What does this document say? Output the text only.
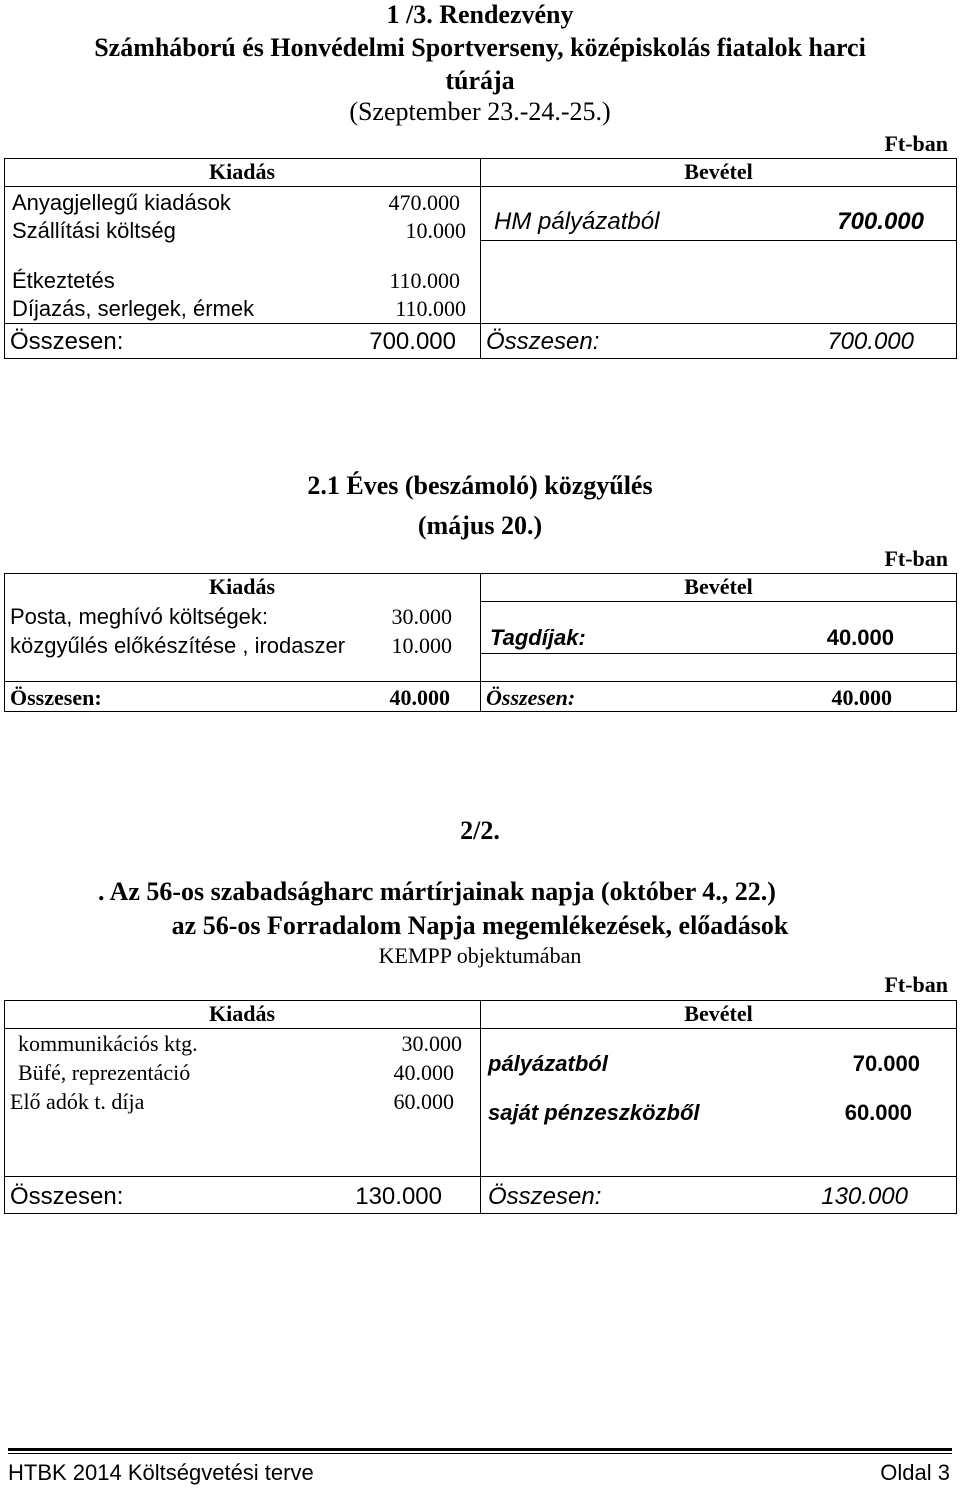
1 /3. Rendezvény
Számháború és Honvédelmi Sportverseny, középiskolás fiatalok harci
túrája
(Szeptember 23.-24.-25.)
Ft-ban
Kiadás	Bevétel
Anyagjellegű kiadások	470.000
Szállítási költség	10.000
Étkeztetés	110.000
Díjazás, serlegek, érmek	110.000
HM pályázatból	700.000
Összesen:	700.000 Összesen:	700.000
2.1 Éves (beszámoló) közgyűlés
(május 20.)
Ft-ban
Kiadás	Bevétel
Posta, meghívó költségek:	30.000
közgyűlés előkészítése , irodaszer	10.000 Tagdíjak:	40.000
Összesen:	40.000 Összesen:	40.000
2/2.
. Az 56-os szabadságharc mártírjainak napja (október 4., 22.)
az 56-os Forradalom Napja megemlékezések, előadások
KEMPP objektumában
Ft-ban
Kiadás	Bevétel
kommunikációs ktg.	30.000
Büfé, reprezentáció	40.000
Elő adók t. díja	60.000
pályázatból	70.000
saját pénzeszközből	60.000
Összesen:	130.000 Összesen:	130.000
HTBK 2014 Költségvetési terve	Oldal 3
